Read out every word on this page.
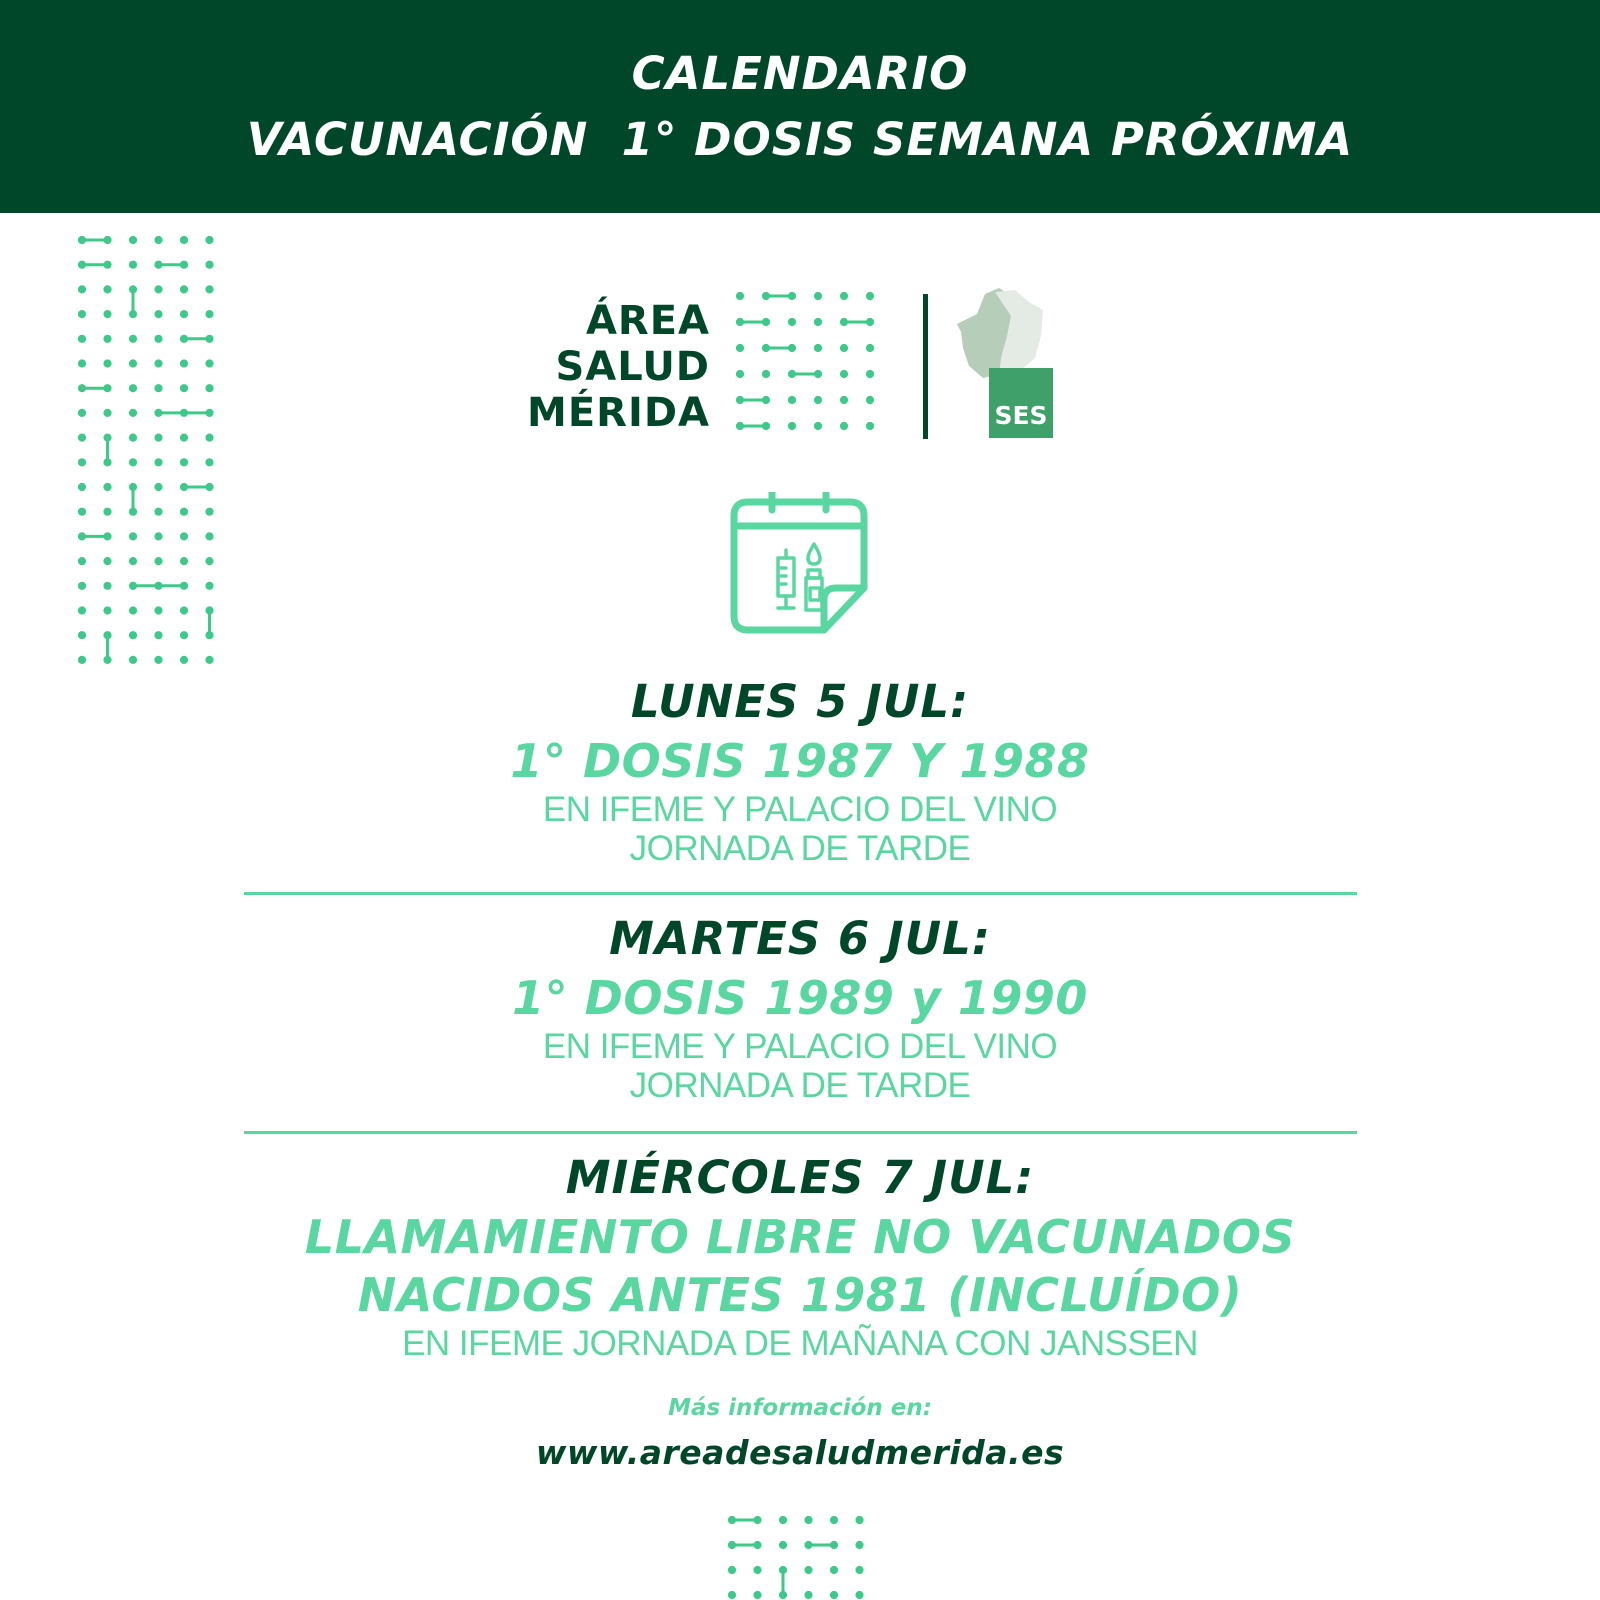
CALENDARIO
VACUNACIÓN  1° DOSIS SEMANA PRÓXIMA
ÁREA
SALUD
MÉRIDA	SES
LUNES 5 JUL:
1° DOSIS 1987 Y 1988
EN IFEME Y PALACIO DEL VINO
JORNADA DE TARDE
MARTES 6 JUL:
1° DOSIS 1989 y 1990
EN IFEME Y PALACIO DEL VINO
JORNADA DE TARDE
MIÉRCOLES 7 JUL:
LLAMAMIENTO LIBRE NO VACUNADOS
NACIDOS ANTES 1981 (INCLUÍDO)
EN IFEME JORNADA DE MAÑANA CON JANSSEN
Más información en:
www.areadesaludmerida.es
